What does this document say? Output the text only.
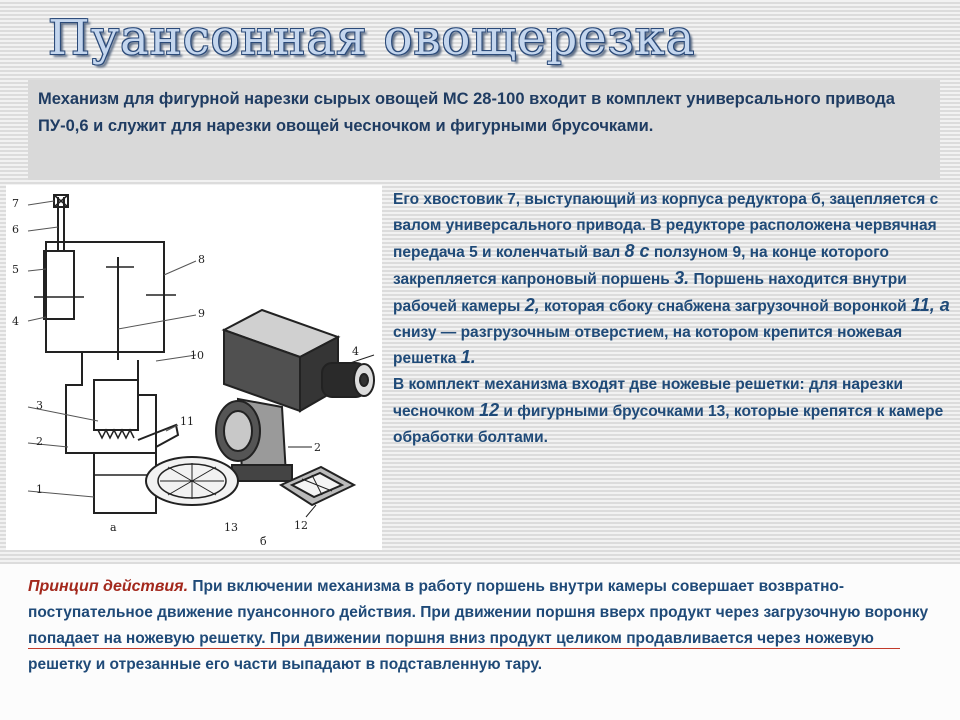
Пуансонная овощерезка

Механизм для фигурной нарезки сырых овощей МС 28-100 входит в комплект универсального привода ПУ-0,6 и служит для нарезки овощей чесночком и фигурными брусочками.

7
6
5
4
3
2
1
8
9
10
11
а
4
2
12
13
б

Его хвостовик 7, выступающий из корпуса редуктора б, зацепляется с валом универсального привода. В редукторе расположена червячная передача 5 и коленчатый вал 8 с ползуном 9, на конце которого закрепляется капроновый поршень 3. Поршень находится внутри рабочей камеры 2, которая сбоку снабжена загрузочной воронкой 11, а снизу — разгрузочным отверстием, на котором крепится ножевая решетка 1.

В комплект механизма входят две ножевые решетки: для нарезки чесночком 12 и фигурными брусочками 13, которые крепятся к камере обработки болтами.

Принцип действия. При включении механизма в работу поршень внутри камеры совершает возвратно-поступательное движение пуансонного действия. При движении поршня вверх продукт через загрузочную воронку попадает на ножевую решетку. При движении поршня вниз продукт целиком продавливается через ножевую решетку и отрезанные его части выпадают в подставленную тару.
